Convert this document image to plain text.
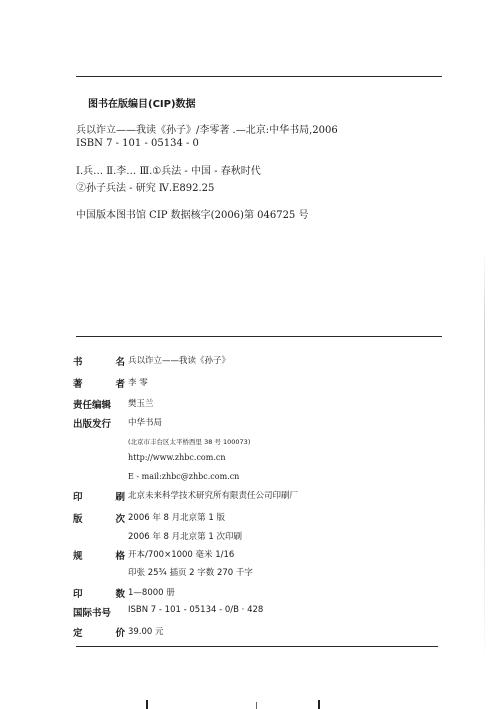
图书在版编目(CIP)数据
兵以诈立——我读《孙子》/李零著 .—北京:中华书局,2006
ISBN 7 - 101 - 05134 - 0
Ⅰ.兵… Ⅱ.李… Ⅲ.①兵法 - 中国 - 春秋时代
②孙子兵法 - 研究 Ⅳ.E892.25
中国版本图书馆 CIP 数据核字(2006)第 046725 号
书	名 兵以诈立——我读《孙子》
著	者 李 零
责任编辑	樊玉兰
出版发行	中华书局
(北京市丰台区太平桥西里 38 号 100073)
http://www.zhbc.com.cn
E - mail:zhbc@zhbc.com.cn
印	刷 北京未来科学技术研究所有限责任公司印刷厂
版	次 2006 年 8 月北京第 1 版
2006 年 8 月北京第 1 次印刷
规	格 开本/700×1000 毫米 1/16
印张 25¾ 插页 2 字数 270 千字
印	数 1—8000 册
国际书号	ISBN 7 - 101 - 05134 - 0/B · 428
定	价 39.00 元
